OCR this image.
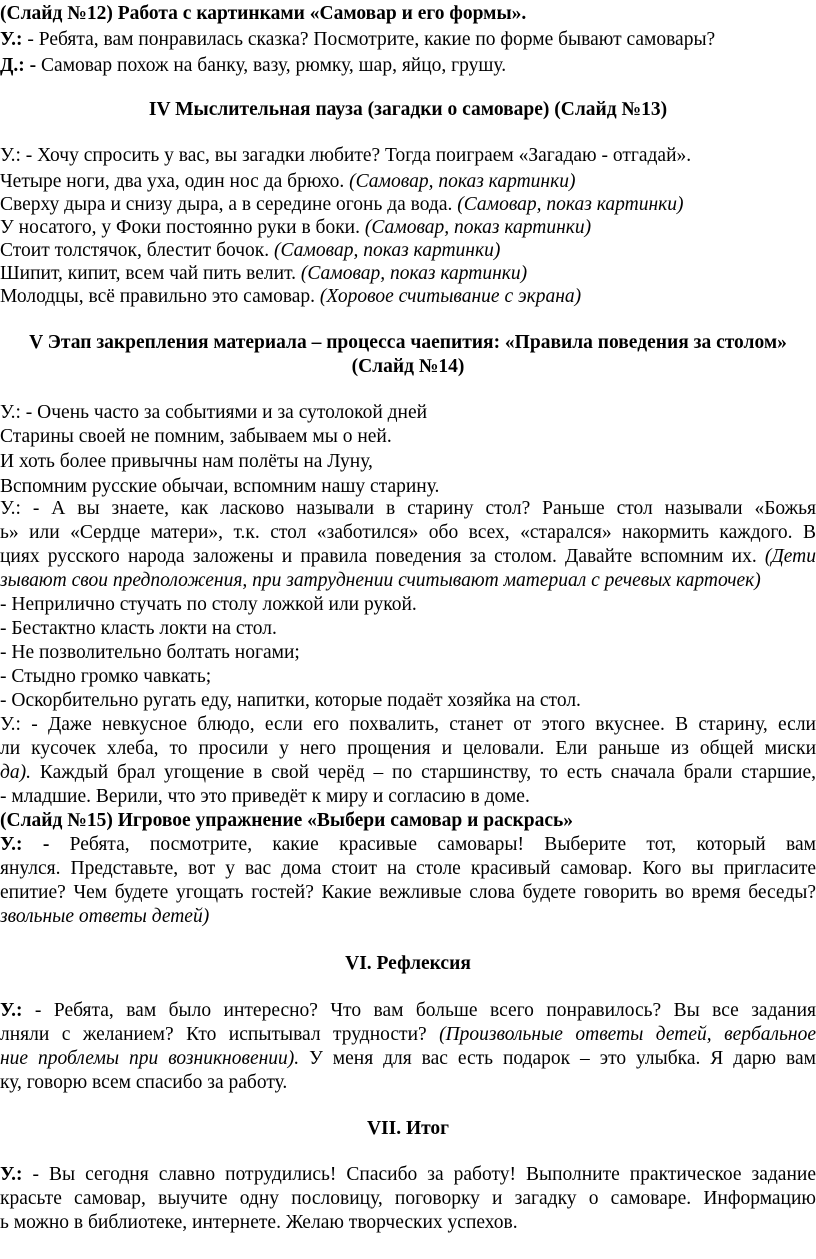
(Слайд №12) Работа с картинками «Самовар и его формы».
У.: - Ребята, вам понравилась сказка? Посмотрите, какие по форме бывают самовары?
Д.: - Самовар похож на банку, вазу, рюмку, шар, яйцо, грушу.
IV Мыслительная пауза (загадки о самоваре) (Слайд №13)
У.: - Хочу спросить у вас, вы загадки любите? Тогда поиграем «Загадаю - отгадай».
Четыре ноги, два уха, один нос да брюхо. (Самовар, показ картинки)
Сверху дыра и снизу дыра, а в середине огонь да вода. (Самовар, показ картинки)
У носатого, у Фоки постоянно руки в боки. (Самовар, показ картинки)
Стоит толстячок, блестит бочок. (Самовар, показ картинки)
Шипит, кипит, всем чай пить велит. (Самовар, показ картинки)
Молодцы, всё правильно это самовар. (Хоровое считывание с экрана)
V Этап закрепления материала – процесса чаепития: «Правила поведения за столом»
(Слайд №14)
У.: - Очень часто за событиями и за сутолокой дней
Старины своей не помним, забываем мы о ней.
И хоть более привычны нам полёты на Луну,
Вспомним русские обычаи, вспомним нашу старину.
У.: - А вы знаете, как ласково называли в старину стол? Раньше стол называли «Божья
ь» или «Сердце матери», т.к. стол «заботился» обо всех, «старался» накормить каждого. В
циях русского народа заложены и правила поведения за столом. Давайте вспомним их. (Дети
зывают свои предположения, при затруднении считывают материал с речевых карточек)
- Неприлично стучать по столу ложкой или рукой.
- Бестактно класть локти на стол.
- Не позволительно болтать ногами;
- Стыдно громко чавкать;
- Оскорбительно ругать еду, напитки, которые подаёт хозяйка на стол.
У.: - Даже невкусное блюдо, если его похвалить, станет от этого вкуснее. В старину, если
ли кусочек хлеба, то просили у него прощения и целовали. Ели раньше из общей миски
да). Каждый брал угощение в свой черёд – по старшинству, то есть сначала брали старшие,
- младшие. Верили, что это приведёт к миру и согласию в доме.
(Слайд №15) Игровое упражнение «Выбери самовар и раскрась»
У.: - Ребята, посмотрите, какие красивые самовары! Выберите тот, который вам
янулся. Представьте, вот у вас дома стоит на столе красивый самовар. Кого вы пригласите
епитие? Чем будете угощать гостей? Какие вежливые слова будете говорить во время беседы?
звольные ответы детей)
VI. Рефлексия
У.: - Ребята, вам было интересно? Что вам больше всего понравилось? Вы все задания
лняли с желанием? Кто испытывал трудности? (Произвольные ответы детей, вербальное
ние проблемы при возникновении). У меня для вас есть подарок – это улыбка. Я дарю вам
ку, говорю всем спасибо за работу.
VII. Итог
У.: - Вы сегодня славно потрудились! Спасибо за работу! Выполните практическое задание
красьте самовар, выучите одну пословицу, поговорку и загадку о самоваре. Информацию
ь можно в библиотеке, интернете. Желаю творческих успехов.
